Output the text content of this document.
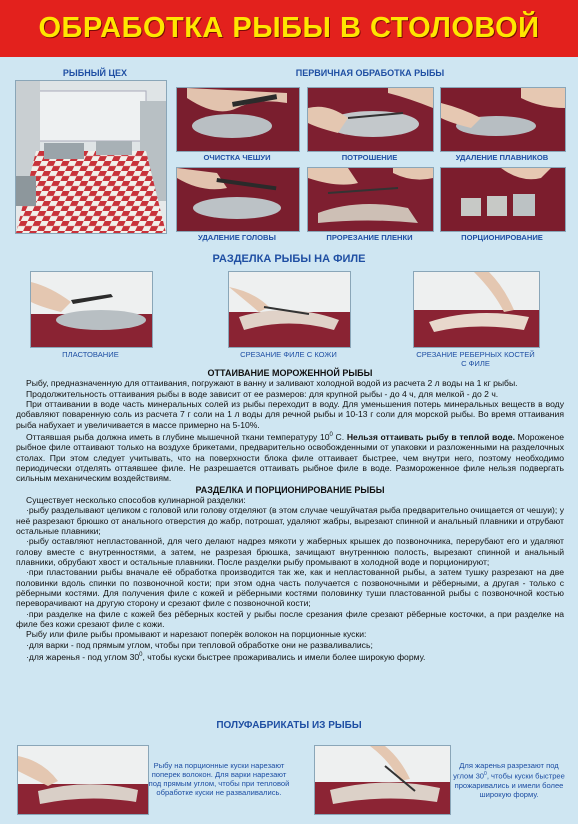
ОБРАБОТКА РЫБЫ В СТОЛОВОЙ
РЫБНЫЙ ЦЕХ	ПЕРВИЧНАЯ ОБРАБОТКА РЫБЫ
ОЧИСТКА ЧЕШУИ	ПОТРОШЕНИЕ	УДАЛЕНИЕ ПЛАВНИКОВ
УДАЛЕНИЕ ГОЛОВЫ	ПРОРЕЗАНИЕ ПЛЕНКИ	ПОРЦИОНИРОВАНИЕ
РАЗДЕЛКА РЫБЫ НА ФИЛЕ
ПЛАСТОВАНИЕ	СРЕЗАНИЕ ФИЛЕ С КОЖИ	СРЕЗАНИЕ РЕБЕРНЫХ КОСТЕЙ С ФИЛЕ

ОТТАИВАНИЕ МОРОЖЕННОЙ РЫБЫ

Рыбу, предназначенную для оттаивания, погружают в ванну и заливают холодной водой из расчета 2 л воды на 1 кг рыбы.

Продолжительность оттаивания рыбы в воде зависит от ее размеров: для крупной рыбы - до 4 ч, для мелкой - до 2 ч.

При оттаивании в воде часть минеральных солей из рыбы переходит в воду. Для уменьшения потерь минеральных веществ в воду добавляют поваренную соль из расчета 7 г соли на 1 л воды для речной рыбы и 10-13 г соли для морской рыбы. Во время оттаивания рыба набухает и увеличивается в массе примерно на 5-10%.

Оттаявшая рыба должна иметь в глубине мышечной ткани температуру $10^0$ С. Нельзя оттаивать рыбу в теплой воде. Мороженое рыбное филе оттаивают только на воздухе брикетами, предварительно освобожденными от упаковки и разложенными на разделочных столах. При этом следует учитывать, что на поверхности блока филе оттаивает быстрее, чем внутри него, поэтому необходимо периодически отделять оттаявшее филе. Не разрешается оттаивать рыбное филе в воде. Размороженное филе нельзя подвергать сильным механическим воздействиям.

РАЗДЕЛКА И ПОРЦИОНИРОВАНИЕ РЫБЫ

Существует несколько способов кулинарной разделки:

·рыбу разделывают целиком с головой или голову отделяют (в этом случае чешуйчатая рыба предварительно очищается от чешуи); у неё разрезают брюшко от анального отверстия до жабр, потрошат, удаляют жабры, вырезают спинной и анальный плавники и отрубают остальные плавники;

·рыбу оставляют непластованной, для чего делают надрез мякоти у жаберных крышек до позвоночника, перерубают его и удаляют голову вместе с внутренностями, а затем, не разрезая брюшка, зачищают внутреннюю полость, вырезают спинной и анальный плавники, обрубают хвост и остальные плавники. После разделки рыбу промывают в холодной воде и порционируют;

·при пластовании рыбы вначале её обработка производится так же, как и непластованной рыбы, а затем тушку разрезают на две половинки вдоль спинки по позвоночной кости; при этом одна часть получается с позвоночными и рёберными, а другая - только с рёберными костями. Для получения филе с кожей и рёберными костями половинку туши пластованной рыбы с позвоночной костью переворачивают на другую сторону и срезают филе с позвоночной кости;

·при разделке на филе с кожей без рёберных костей у рыбы после срезания филе срезают рёберные косточки, а при разделке на филе без кожи срезают филе с кожи.

Рыбу или филе рыбы промывают и нарезают поперёк волокон на порционные куски:

·для варки - под прямым углом, чтобы при тепловой обработке они не разваливались;

·для жаренья - под углом $30^0$, чтобы куски быстрее прожаривались и имели более широкую форму.

ПОЛУФАБРИКАТЫ ИЗ РЫБЫ
Рыбу на порционные куски нарезают поперек волокон. Для варки нарезают под прямым углом, чтобы при тепловой обработке куски не разваливались.
Для жаренья разрезают под углом $30^0$, чтобы куски быстрее прожаривались и имели более широкую форму.
